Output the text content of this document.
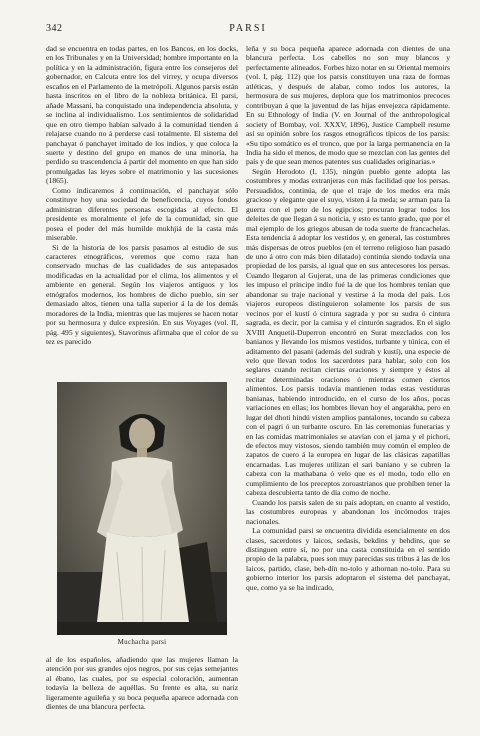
342	PARSI

dad se encuentra en todas partes, en los Bancos, en los docks, en los Tribunales y en la Universidad; hombre importante en la política y en la administración, figura entre los consejeros del gobernador, en Calcuta entre los del virrey, y ocupa diversos escaños en el Parlamento de la metrópoli. Algunos parsis están hasta inscritos en el libro de la nobleza británica. El parsi, añade Massani, ha conquistado una independencia absoluta, y se inclina al individualismo. Los sentimientos de solidaridad que en otro tiempo habían salvado á la comunidad tienden á relajarse cuando no á perderse casi totalmente. El sistema del panchayat ó panchayet imitado de los indios, y que coloca la suerte y destino del grupo en manos de una minoría, ha perdido su trascendencia á partir del momento en que han sido promulgadas las leyes sobre el matrimonio y las sucesiones (1865).

Como indicaremos á continuación, el panchayat sólo constituye hoy una sociedad de beneficencia, cuyos fondos administran diferentes personas escogidas al efecto. El presidente es moralmente el jefe de la comunidad, sin que posea el poder del más humilde mukhjiá de la casta más miserable.

Si de la historia de los parsis pasamos al estudio de sus caracteres etnográficos, veremos que como raza han conservado muchas de las cualidades de sus antepasados modificadas en la actualidad por el clima, los alimentos y el ambiente en general. Según los viajeros antiguos y los etnógrafos modernos, los hombres de dicho pueblo, sin ser demasiado altos, tienen una talla superior á la de los demás moradores de la India, mientras que las mujeres se hacen notar por su hermosura y dulce expresión. En sus Voyages (vol. II, pág. 495 y siguientes), Stavorinus afirmaba que el color de su tez es parecido

Muchacha parsi

al de los españoles, añadiendo que las mujeres llaman la atención por sus grandes ojos negros, por sus cejas semejantes al ébano, las cuales, por su especial coloración, aumentan todavía la belleza de aquéllas. Su frente es alta, su nariz ligeramente aguileña y su boca pequeña aparece adornada con dientes de una blancura perfecta.

leña y su boca pequeña aparece adornada con dientes de una blancura perfecta. Los cabellos no son muy blancos y perfectamente alineados. Forbes hizo notar en su Oriental memoirs (vol. I, pág. 112) que los parsis constituyen una raza de formas atléticas, y después de alabar, como todos los autores, la hermosura de sus mujeres, deplora que los matrimonios precoces contribuyan á que la juventud de las hijas envejezca rápidamente. En su Ethnology of India (V. en Journal of the anthropological society of Bombay, vol. XXXV, 1896), Justice Campbell resume así su opinión sobre los rasgos etnográficos típicos de los parsis: «Su tipo somático es el tronco, que por la larga permanencia en la India ha sido el menos, de modo que se mezclan con las gentes del país y de que sean menos patentes sus cualidades originarias.»

Según Herodoto (I, 135), ningún pueblo gente adopta las costumbres y modas extranjeras con más facilidad que los persas. Persuadidos, continúa, de que el traje de los medos era más gracioso y elegante que el suyo, visten á la meda; se arman para la guerra con el peto de los egipcios; procuran lograr todos los deleites de que llegan á su noticia, y esto es tanto grado, que por el mal ejemplo de los griegos abusan de toda suerte de francachelas. Esta tendencia á adoptar los vestidos y, en general, las costumbres más dispersas de otros pueblos (en el terreno religioso han pasado de uno á otro con más bien dilatado) continúa siendo todavía una propiedad de los parsis, al igual que en sus antecesores los persas. Cuando llegaron al Gujerat, una de las primeras condiciones que les impuso el príncipe indio fué la de que los hombres tenían que abandonar su traje nacional y vestirse á la moda del país. Los viajeros europeos distinguieron solamente los parsis de sus vecinos por el kustí ó cintura sagrada y por su sudra ó cintura sagrada, es decir, por la camisa y el cinturón sagrados. En el siglo XVIII Anquetil-Duperron encontró en Surat mezclados con los banianos y llevando los mismos vestidos, turbante y túnica, con el aditamento del pasani (además del sudrah y kustí), una especie de velo que llevan todos los sacerdotes para hablar, solo con los seglares cuando recitan ciertas oraciones y siempre y éstos al recitar determinadas oraciones ó mientras comen ciertos alimentos. Los parsis todavía mantienen todas estas vestiduras banianas, habiendo introducido, en el curso de los años, pocas variaciones en ellas; los hombres llevan hoy el angarakha, pero en lugar del dhoti hindú visten amplios pantalones, tocando su cabeza con el pagri ó un turbante oscuro. En las ceremonias funerarias y en las comidas matrimoniales se atavían con el jama y el pichori, de efectos muy vistosos, siendo también muy común el empleo de zapatos de cuero á la europea en lugar de las clásicas zapatillas encarnadas. Las mujeres utilizan el sari baniano y se cubren la cabeza con la mathabana ó velo que es el modo, todo ello en cumplimiento de los preceptos zoroastrianos que prohíben tener la cabeza descubierta tanto de día como de noche.

Cuando los parsis salen de su país adoptan, en cuanto al vestido, las costumbres europeas y abandonan los incómodos trajes nacionales.

La comunidad parsi se encuentra dividida esencialmente en dos clases, sacerdotes y laicos, sedasis, bekdins y behdins, que se distinguen entre sí, no por una casta constituida en el sentido propio de la palabra, pues son muy parecidas sus tribus á las de los laicos, partido, clase, beh-dín no-tolo y athornan no-tolo. Para su gobierno interior los parsis adoptaron el sistema del panchayat, que, como ya se ha indicado,
